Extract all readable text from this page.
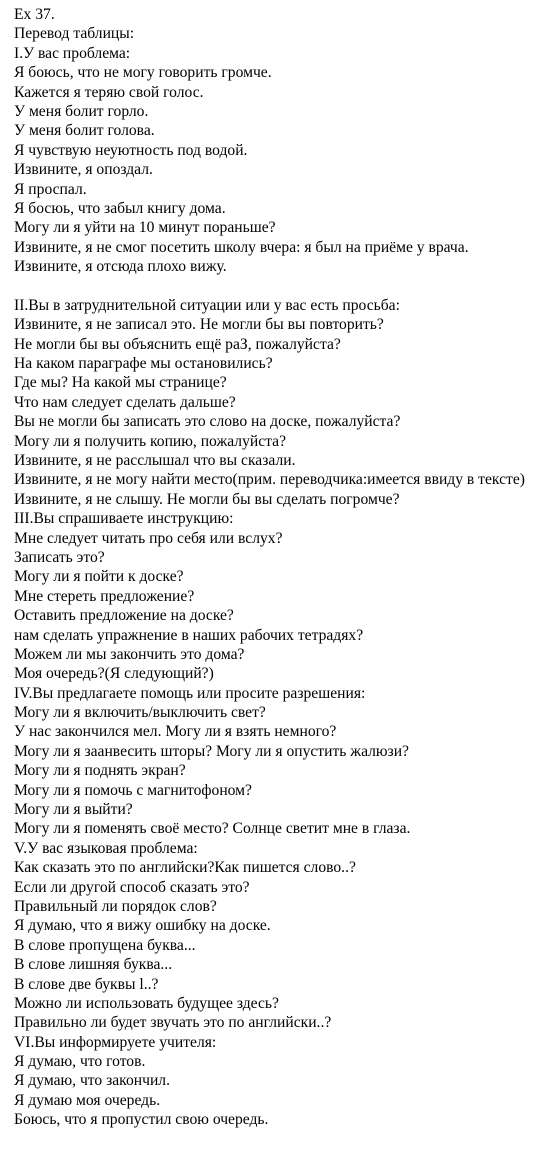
Ex 37.
Перевод таблицы:
I.У вас проблема:
Я боюсь, что не могу говорить громче.
Кажется я теряю свой голос.
У меня болит горло.
У меня болит голова.
Я чувствую неуютность под водой.
Извините, я опоздал.
Я проспал.
Я босюь, что забыл книгу дома.
Могу ли я уйти на 10 минут пораньше?
Извините, я не смог посетить школу вчера: я был на приёме у врача.
Извините, я отсюда плохо вижу.
II.Вы в затруднительной ситуации или у вас есть просьба:
Извините, я не записал это. Не могли бы вы повторить?
Не могли бы вы объяснить ещё раЗ, пожалуйста?
На каком параграфе мы остановились?
Где мы? На какой мы странице?
Что нам следует сделать дальше?
Вы не могли бы записать это слово на доске, пожалуйста?
Могу ли я получить копию, пожалуйста?
Извините, я не расслышал что вы сказали.
Извините, я не могу найти место(прим. переводчика:имеется ввиду в тексте)
Извините, я не слышу. Не могли бы вы сделать погромче?
III.Вы спрашиваете инструкцию:
Мне следует читать про себя или вслух?
Записать это?
Могу ли я пойти к доске?
Мне стереть предложение?
Оставить предложение на доске?
нам сделать упражнение в наших рабочих тетрадях?
Можем ли мы закончить это дома?
Моя очередь?(Я следующий?)
IV.Вы предлагаете помощь или просите разрешения:
Могу ли я включить/выключить свет?
У нас закончился мел. Могу ли я взять немного?
Могу ли я заанвесить шторы? Могу ли я опустить жалюзи?
Могу ли я поднять экран?
Могу ли я помочь с магнитофоном?
Могу ли я выйти?
Могу ли я поменять своё место? Солнце светит мне в глаза.
V.У вас языковая проблема:
Как сказать это по английски?Как пишется слово..?
Если ли другой способ сказать это?
Правильный ли порядок слов?
Я думаю, что я вижу ошибку на доске.
В слове пропущена буква...
В слове лишняя буква...
В слове две буквы l..?
Можно ли использовать будущее здесь?
Правильно ли будет звучать это по английски..?
VI.Вы информируете учителя:
Я думаю, что готов.
Я думаю, что закончил.
Я думаю моя очередь.
Боюсь, что я пропустил свою очередь.
